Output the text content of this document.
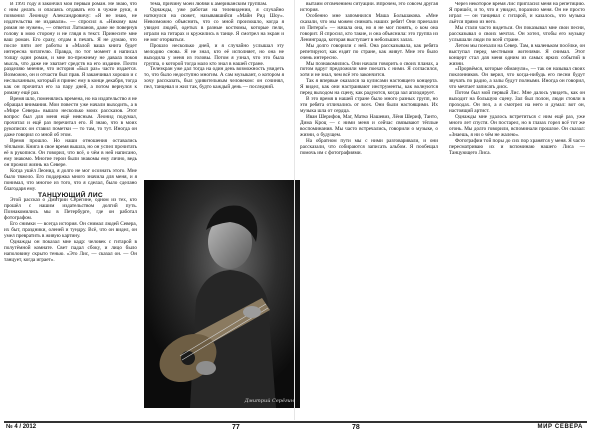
В 1991 году я закончил мой первый роман. Не знаю, что с ним делать и опасаясь отдавать его в чужие руки, я позвонил Леониду Александровичу: «Я не знаю, не издательства не издавали». — спросил я. «Никому вам роман не нужен», — ответил Латманов, даже не повернув голову в мою сторону и не глядя в текст. Принесите мне ваш роман. Его сразу, отдам в печать. Я не думаю, что после пяти лет работы в «Малой ваша книга будет интересна читателю. Правда, по тот момент я написал толщу один роман, и мне по-прежнему не давала покоя мысль, что даже не хватает средств на его издание. Почти разделяю мнение, что история «Был раз» часто издается. Возможно, он и отчасти был прав. Я заканчивал хорошо и с неслыханным, который я принес ему в конце декабря, тогда как он прочитал его за пару дней, а потом вернулся к роману ещё раз.

Время шло, поменялись времена, но на издательство я не обращал внимания. Мои повести уже начали выходить, а в «Мире Севера» вышло несколько моих рассказов. Этот вопрос был для меня ещё неясным. Леонид подумал, прочитал и ещё раз перечитал его. Я знаю, что в моих рукописях он ставил пометки — то там, то тут. Иногда он даже говорил со мной об этом.

Время прошло. Но наши отношения оставались тёплыми. Книга в свое время вышла, но он успел прочитать её в рукописи. Он говорил, что всё, о чём в ней написано, ему знакомо. Многие герои были знакомы ему лично, ведь он прожил жизнь на Севере.

Когда ушёл Леонид, я долго не мог осознать этого. Мне было тяжело. Его поддержка много значила для меня, и я понимал, что многое из того, что я сделал, было сделано благодаря ему.

ТАНЦУЮЩИЙ ЛИС

Этой рассказ о Дмитрии Серёгине, одном из тех, кто прошёл с нашим издательством долгий путь. Познакомились мы в Петербурге, где он работал фотографом.

Его снимки — всегда история. Он снимал людей Севера, их быт, праздники, оленей и тундру. Всё, что он видел, он умел превратить в живую картину.

Однажды он показал мне кадр: человек с гитарой в полутёмной комнате. Свет падал сбоку, и лицо было наполовину скрыто тенью. «Это Лис, — сказал он. — Он танцует, когда играет».

тема, причину моей любви к американским группам.

Однажды, уже работая на телевидении, я случайно наткнулся на сюжет, называвшийся «Майн Рид Шоу». Невозможно объяснить, что со мной произошло, когда я увидел людей, одетых в разные костюмы, которые пели, играли на гитарах и кружились в танце. Я смотрел на экран и не мог оторваться.

Прошло несколько дней, и я случайно услышал эту мелодию снова. Я не знал, кто её исполняет, но она не выходила у меня из головы. Потом я узнал, что это была группа, о которой тогда мало кто знал в нашей стране.

Телеэкран уже дал тогда на один день возможность увидеть то, что было недоступно многим. А сам музыкант, о котором я хочу рассказать, был удивительным человеком: он сочинял, пел, танцевал и жил так, будто каждый день — последний.

Дмитрий Серёгин

вытаим отсвечением ситуации. Впрочем, это совсем другая история.

Особенно мне запомнился Маша Большакова. «Мне сказали, что мы можем снимать наших ребят! Они приехали из Питера!» — начала она, но я не мог понять, о ком она говорит. Я спросил, кто такие, и она объяснила: это группа из Ленинграда, которая выступает в небольших залах.

Мы долго говорили с ней. Она рассказывала, как ребята репетируют, как ездят по стране, как живут. Мне это было очень интересно.

Мы познакомились. Они начали говорить о своих планах, а потом вдруг предложили мне поехать с ними. Я согласился, хотя и не знал, чем всё это закончится.

Так я впервые оказался за кулисами настоящего концерта. Я видел, как они настраивают инструменты, как волнуются перед выходом на сцену, как радуются, когда зал аплодирует.

В это время в нашей стране было много разных групп, но эти ребята отличались от всех. Они были настоящими. Их музыка шла от сердца.

Иван Шерифов, Маг, Матко Нашевиз, Лёня Шериф, Танто, Дима Кроц — с ними меня и сейчас связывают тёплые воспоминания. Мы часто встречались, говорили о музыке, о жизни, о будущем.

На обратном пути мы с ними разговаривали, и они рассказали, что собираются записать альбом. Я пообещал помочь им с фотографиями.

Через некоторое время Лис пригласил меня на репетицию. Я пришёл, и то, что я увидел, поразило меня. Он не просто играл — он танцевал с гитарой, и казалось, что музыка льётся прямо из него.

Мы стали часто видеться. Он показывал мне свои песни, рассказывал о своих мечтах. Он хотел, чтобы его музыку услышали люди по всей стране.

Летом мы поехали на Север. Там, в маленьком посёлке, он выступал перед местными жителями. Я снимал. Этот концерт стал для меня одним из самых ярких событий в жизни.

«Прорвёмся, которые обманули», — так он называл своих поклонников. Он верил, что когда-нибудь его песни будут звучать по радио, а залы будут полными. Иногда он говорил, что мечтает записать диск.

Потом был мой первый Лис. Мне далось увидеть, как он выходит на большую сцену. Зал был полон, люди стояли в проходах. Он пел, а я смотрел на него и думал: вот он, настоящий артист.

Однажды мне удалось встретиться с ним ещё раз, уже много лет спустя. Он постарел, но в глазах горел всё тот же огонь. Мы долго говорили, вспоминали прошлое. Он сказал: «Знаешь, я ни о чём не жалею».

Фотографии той поры до сих пор хранятся у меня. Я часто пересматриваю их и вспоминаю нашего Лиса — Танцующего Лиса.

№ 4 / 2012	77	78	МИР СЕВЕРА
